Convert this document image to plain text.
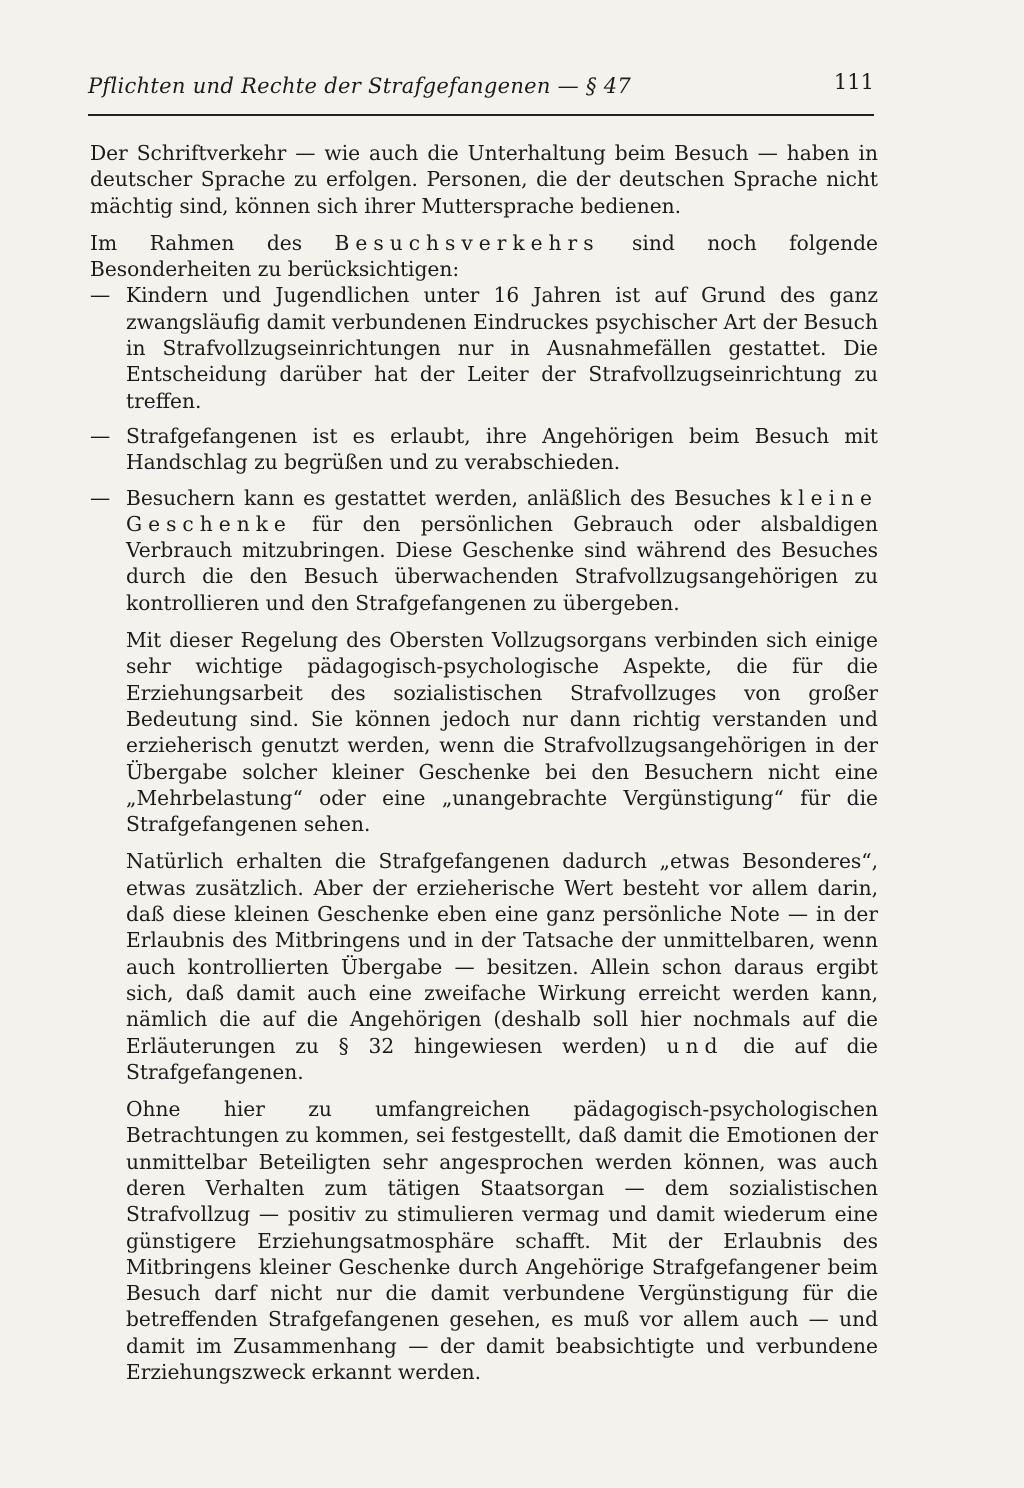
Pflichten und Rechte der Strafgefangenen — § 47	111

Der Schriftverkehr — wie auch die Unterhaltung beim Besuch — haben in deutscher Sprache zu erfolgen. Personen, die der deutschen Sprache nicht mächtig sind, können sich ihrer Muttersprache bedienen.

Im Rahmen des Besuchsverkehrs sind noch folgende Besonderheiten zu berücksichtigen:

— Kindern und Jugendlichen unter 16 Jahren ist auf Grund des ganz zwangsläufig damit verbundenen Eindruckes psychischer Art der Besuch in Strafvollzugseinrichtungen nur in Ausnahmefällen gestattet. Die Entscheidung darüber hat der Leiter der Strafvollzugseinrichtung zu treffen.
— Strafgefangenen ist es erlaubt, ihre Angehörigen beim Besuch mit Handschlag zu begrüßen und zu verabschieden.
— Besuchern kann es gestattet werden, anläßlich des Besuches kleine Geschenke für den persönlichen Gebrauch oder alsbaldigen Verbrauch mitzubringen. Diese Geschenke sind während des Besuches durch die den Besuch überwachenden Strafvollzugsangehörigen zu kontrollieren und den Strafgefangenen zu übergeben.

Mit dieser Regelung des Obersten Vollzugsorgans verbinden sich einige sehr wichtige pädagogisch-psychologische Aspekte, die für die Erziehungsarbeit des sozialistischen Strafvollzuges von großer Bedeutung sind. Sie können jedoch nur dann richtig verstanden und erzieherisch genutzt werden, wenn die Strafvollzugsangehörigen in der Übergabe solcher kleiner Geschenke bei den Besuchern nicht eine „Mehrbelastung“ oder eine „unangebrachte Vergünstigung“ für die Strafgefangenen sehen.

Natürlich erhalten die Strafgefangenen dadurch „etwas Besonderes“, etwas zusätzlich. Aber der erzieherische Wert besteht vor allem darin, daß diese kleinen Geschenke eben eine ganz persönliche Note — in der Erlaubnis des Mitbringens und in der Tatsache der unmittelbaren, wenn auch kontrollierten Übergabe — besitzen. Allein schon daraus ergibt sich, daß damit auch eine zweifache Wirkung erreicht werden kann, nämlich die auf die Angehörigen (deshalb soll hier nochmals auf die Erläuterungen zu § 32 hingewiesen werden) und die auf die Strafgefangenen.

Ohne hier zu umfangreichen pädagogisch-psychologischen Betrachtungen zu kommen, sei festgestellt, daß damit die Emotionen der unmittelbar Beteiligten sehr angesprochen werden können, was auch deren Verhalten zum tätigen Staatsorgan — dem sozialistischen Strafvollzug — positiv zu stimulieren vermag und damit wiederum eine günstigere Erziehungsatmosphäre schafft. Mit der Erlaubnis des Mitbringens kleiner Geschenke durch Angehörige Strafgefangener beim Besuch darf nicht nur die damit verbundene Vergünstigung für die betreffenden Strafgefangenen gesehen, es muß vor allem auch — und damit im Zusammenhang — der damit beabsichtigte und verbundene Erziehungszweck erkannt werden.
